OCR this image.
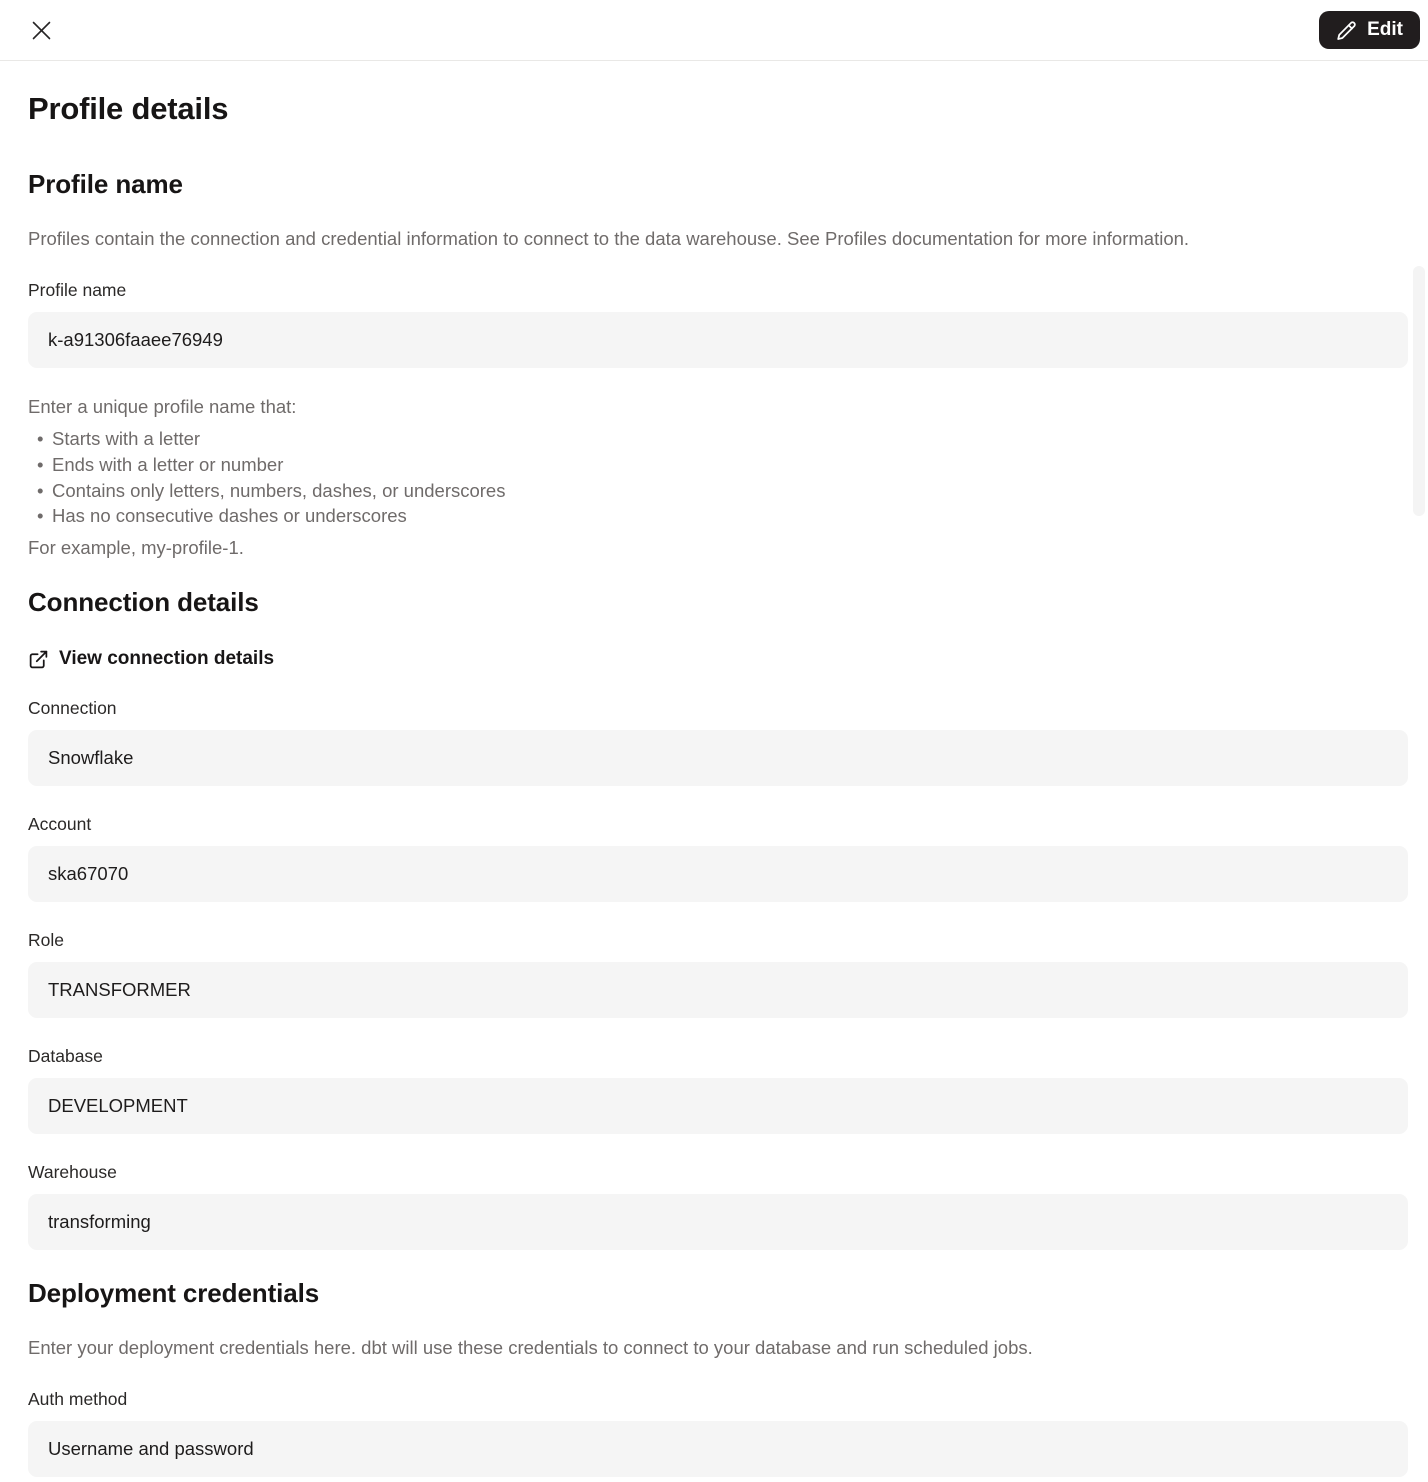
Edit
Profile details
Profile name

Profiles contain the connection and credential information to connect to the data warehouse. See Profiles documentation for more information.

Profile name
k-a91306faaee76949

Enter a unique profile name that:

• Starts with a letter
• Ends with a letter or number
• Contains only letters, numbers, dashes, or underscores
• Has no consecutive dashes or underscores

For example, my-profile-1.

Connection details
View connection details
Connection
Snowflake
Account
ska67070
Role
TRANSFORMER
Database
DEVELOPMENT
Warehouse
transforming
Deployment credentials

Enter your deployment credentials here. dbt will use these credentials to connect to your database and run scheduled jobs.

Auth method
Username and password
